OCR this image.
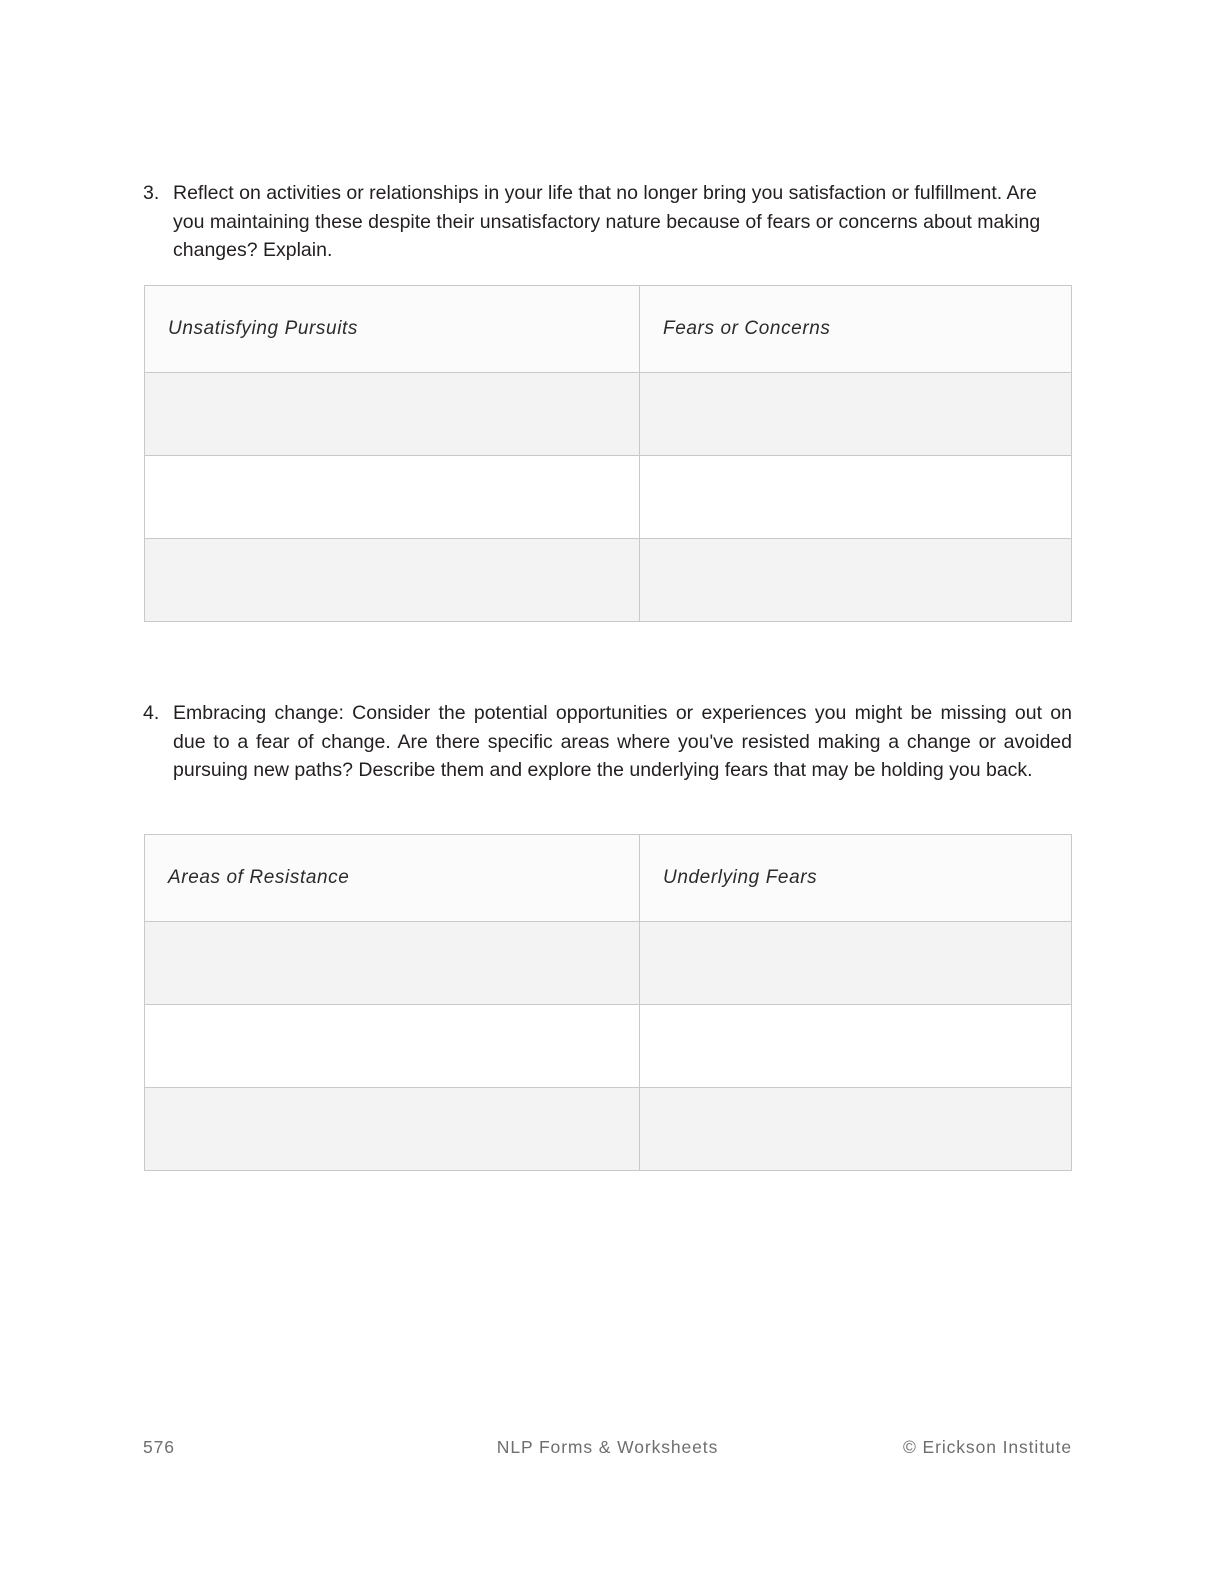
3. Reflect on activities or relationships in your life that no longer bring you satisfaction or fulfillment. Are you maintaining these despite their unsatisfactory nature because of fears or concerns about making changes? Explain.
Unsatisfying Pursuits	Fears or Concerns

4. Embracing change: Consider the potential opportunities or experiences you might be missing out on due to a fear of change. Are there specific areas where you've resisted making a change or avoided pursuing new paths? Describe them and explore the underlying fears that may be holding you back.
Areas of Resistance	Underlying Fears

576	NLP Forms & Worksheets	© Erickson Institute
